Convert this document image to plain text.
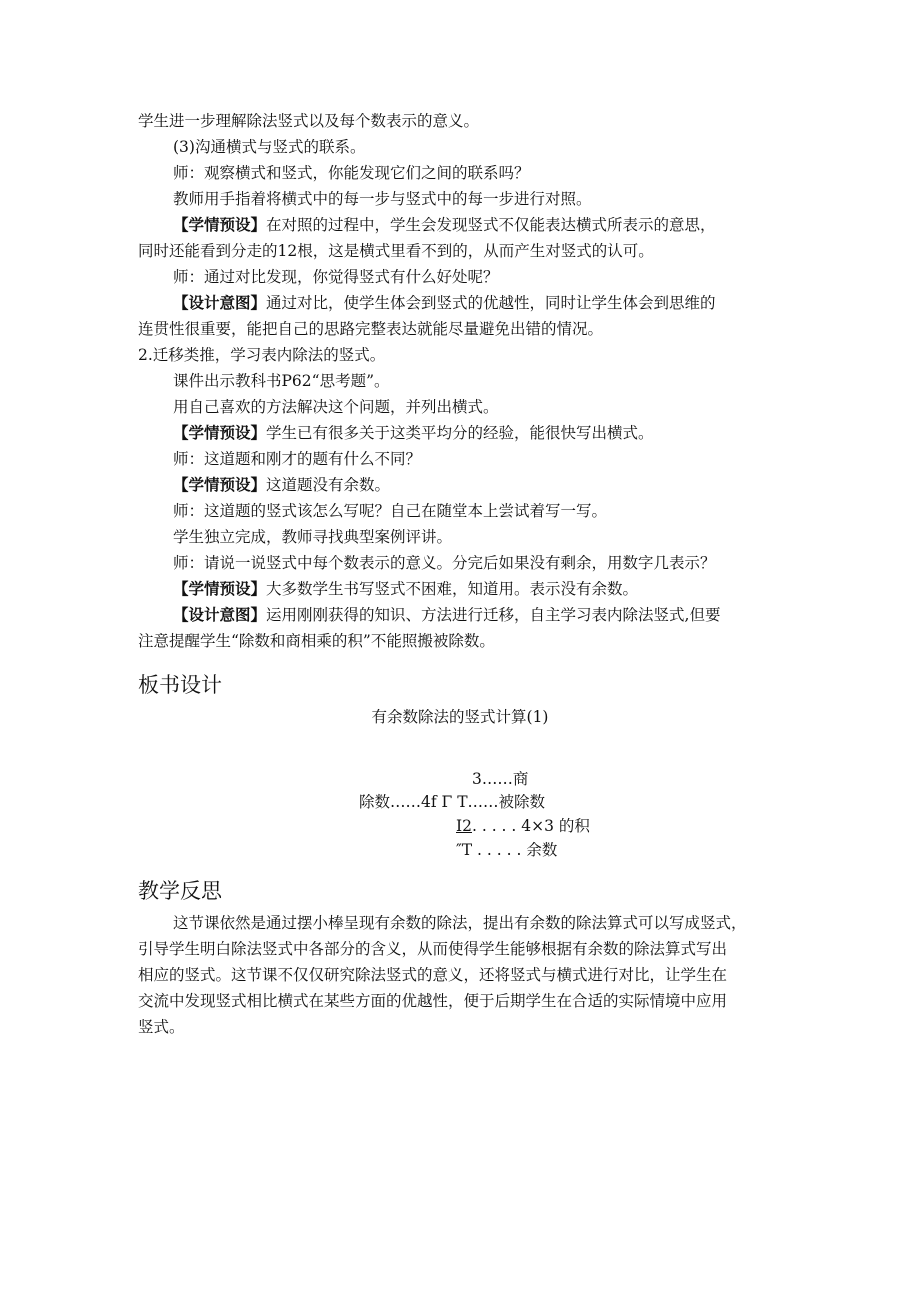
学生进一步理解除法竖式以及每个数表示的意义。
(3)沟通横式与竖式的联系。
师：观察横式和竖式，你能发现它们之间的联系吗？
教师用手指着将横式中的每一步与竖式中的每一步进行对照。
【学情预设】在对照的过程中，学生会发现竖式不仅能表达横式所表示的意思，
同时还能看到分走的12根，这是横式里看不到的，从而产生对竖式的认可。
师：通过对比发现，你觉得竖式有什么好处呢？
【设计意图】通过对比，使学生体会到竖式的优越性，同时让学生体会到思维的
连贯性很重要，能把自己的思路完整表达就能尽量避免出错的情况。
2.迁移类推，学习表内除法的竖式。
课件出示教科书P62“思考题”。
用自己喜欢的方法解决这个问题，并列出横式。
【学情预设】学生已有很多关于这类平均分的经验，能很快写出横式。
师：这道题和刚才的题有什么不同？
【学情预设】这道题没有余数。
师：这道题的竖式该怎么写呢？自己在随堂本上尝试着写一写。
学生独立完成，教师寻找典型案例评讲。
师：请说一说竖式中每个数表示的意义。分完后如果没有剩余，用数字几表示？
【学情预设】大多数学生书写竖式不困难，知道用。表示没有余数。
【设计意图】运用刚刚获得的知识、方法进行迁移，自主学习表内除法竖式,但要
注意提醒学生“除数和商相乘的积”不能照搬被除数。
板书设计
有余数除法的竖式计算(1)
3……商
除数……4f Γ T……被除数
I2. . . . . 4×3 的积
″T . . . . . 余数
教学反思
这节课依然是通过摆小棒呈现有余数的除法，提出有余数的除法算式可以写成竖式，
引导学生明白除法竖式中各部分的含义，从而使得学生能够根据有余数的除法算式写出
相应的竖式。这节课不仅仅研究除法竖式的意义，还将竖式与横式进行对比，让学生在
交流中发现竖式相比横式在某些方面的优越性，便于后期学生在合适的实际情境中应用
竖式。
